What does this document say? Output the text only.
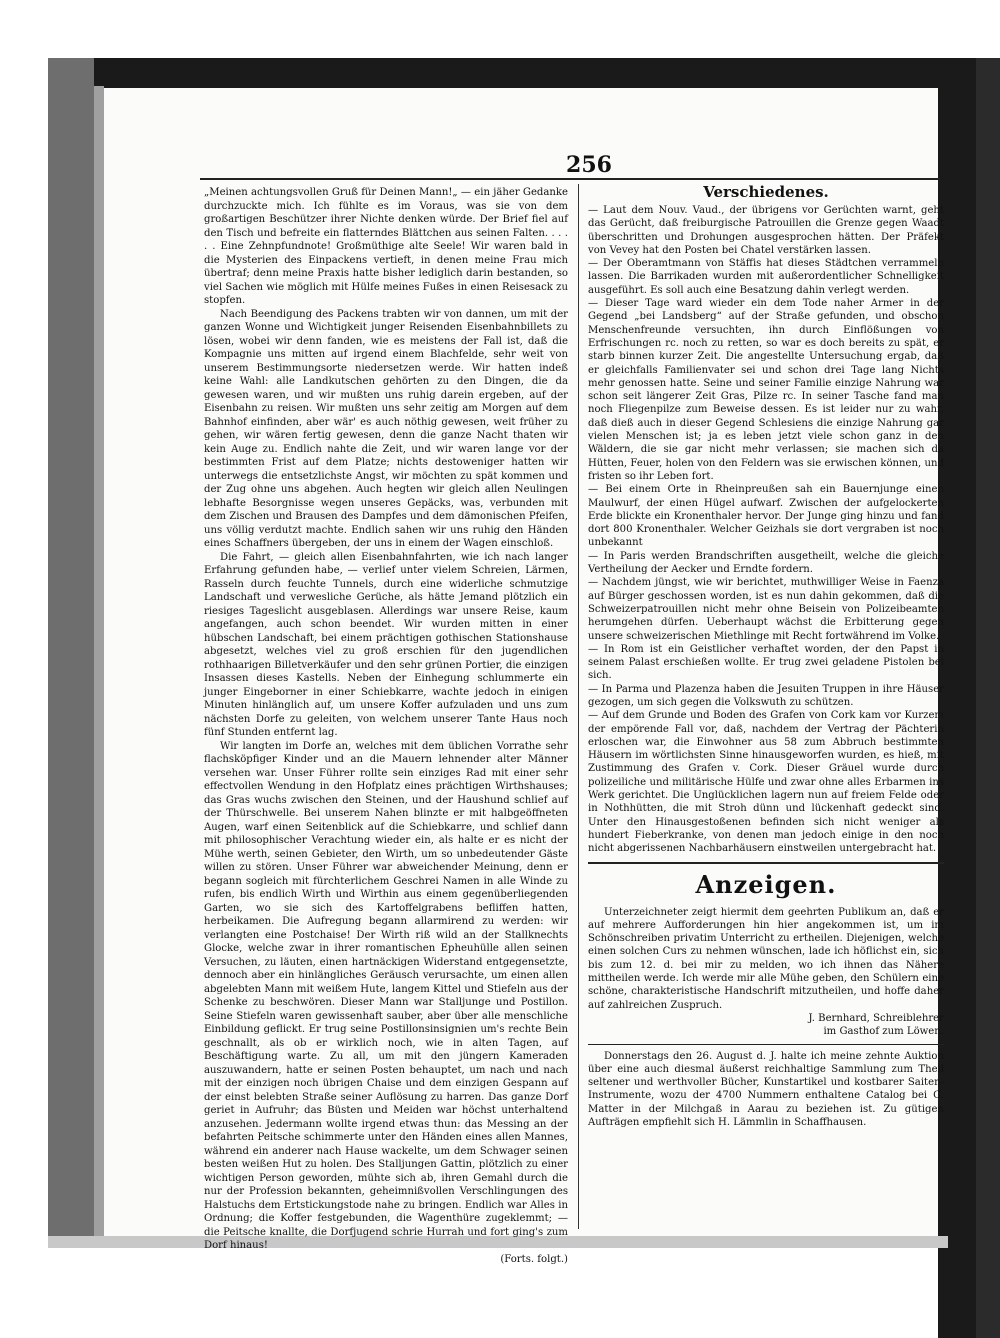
256

„Meinen achtungsvollen Gruß für Deinen Mann!„ — ein jäher Gedanke durchzuckte mich. Ich fühlte es im Voraus, was sie von dem großartigen Beschützer ihrer Nichte denken würde. Der Brief fiel auf den Tisch und befreite ein flatterndes Blättchen aus seinen Falten. . . . . . Eine Zehnpfundnote! Großmüthige alte Seele! Wir waren bald in die Mysterien des Einpackens vertieft, in denen meine Frau mich übertraf; denn meine Praxis hatte bisher lediglich darin bestanden, so viel Sachen wie möglich mit Hülfe meines Fußes in einen Reisesack zu stopfen.

Nach Beendigung des Packens trabten wir von dannen, um mit der ganzen Wonne und Wichtigkeit junger Reisenden Eisenbahnbillets zu lösen, wobei wir denn fanden, wie es meistens der Fall ist, daß die Kompagnie uns mitten auf irgend einem Blachfelde, sehr weit von unserem Bestimmungsorte niedersetzen werde. Wir hatten indeß keine Wahl: alle Landkutschen gehörten zu den Dingen, die da gewesen waren, und wir mußten uns ruhig darein ergeben, auf der Eisenbahn zu reisen. Wir mußten uns sehr zeitig am Morgen auf dem Bahnhof einfinden, aber wär' es auch nöthig gewesen, weit früher zu gehen, wir wären fertig gewesen, denn die ganze Nacht thaten wir kein Auge zu. Endlich nahte die Zeit, und wir waren lange vor der bestimmten Frist auf dem Platze; nichts destoweniger hatten wir unterwegs die entsetzlichste Angst, wir möchten zu spät kommen und der Zug ohne uns abgehen. Auch hegten wir gleich allen Neulingen lebhafte Besorgnisse wegen unseres Gepäcks, was, verbunden mit dem Zischen und Brausen des Dampfes und dem dämonischen Pfeifen, uns völlig verdutzt machte. Endlich sahen wir uns ruhig den Händen eines Schaffners übergeben, der uns in einem der Wagen einschloß.

Die Fahrt, — gleich allen Eisenbahnfahrten, wie ich nach langer Erfahrung gefunden habe, — verlief unter vielem Schreien, Lärmen, Rasseln durch feuchte Tunnels, durch eine widerliche schmutzige Landschaft und verwesliche Gerüche, als hätte Jemand plötzlich ein riesiges Tageslicht ausgeblasen. Allerdings war unsere Reise, kaum angefangen, auch schon beendet. Wir wurden mitten in einer hübschen Landschaft, bei einem prächtigen gothischen Stationshause abgesetzt, welches viel zu groß erschien für den jugendlichen rothhaarigen Billetverkäufer und den sehr grünen Portier, die einzigen Insassen dieses Kastells. Neben der Einhegung schlummerte ein junger Eingeborner in einer Schiebkarre, wachte jedoch in einigen Minuten hinlänglich auf, um unsere Koffer aufzuladen und uns zum nächsten Dorfe zu geleiten, von welchem unserer Tante Haus noch fünf Stunden entfernt lag.

Wir langten im Dorfe an, welches mit dem üblichen Vorrathe sehr flachsköpfiger Kinder und an die Mauern lehnender alter Männer versehen war. Unser Führer rollte sein einziges Rad mit einer sehr effectvollen Wendung in den Hofplatz eines prächtigen Wirthshauses; das Gras wuchs zwischen den Steinen, und der Haushund schlief auf der Thürschwelle. Bei unserem Nahen blinzte er mit halbgeöffneten Augen, warf einen Seitenblick auf die Schiebkarre, und schlief dann mit philosophischer Verachtung wieder ein, als halte er es nicht der Mühe werth, seinen Gebieter, den Wirth, um so unbedeutender Gäste willen zu stören. Unser Führer war abweichender Meinung, denn er begann sogleich mit fürchterlichem Geschrei Namen in alle Winde zu rufen, bis endlich Wirth und Wirthin aus einem gegenüberliegenden Garten, wo sie sich des Kartoffelgrabens befliffen hatten, herbeikamen. Die Aufregung begann allarmirend zu werden: wir verlangten eine Postchaise! Der Wirth riß wild an der Stallknechts Glocke, welche zwar in ihrer romantischen Epheuhülle allen seinen Versuchen, zu läuten, einen hartnäckigen Widerstand entgegensetzte, dennoch aber ein hinlängliches Geräusch verursachte, um einen allen abgelebten Mann mit weißem Hute, langem Kittel und Stiefeln aus der Schenke zu beschwören. Dieser Mann war Stalljunge und Postillon. Seine Stiefeln waren gewissenhaft sauber, aber über alle menschliche Einbildung geflickt. Er trug seine Postillonsinsignien um's rechte Bein geschnallt, als ob er wirklich noch, wie in alten Tagen, auf Beschäftigung warte. Zu all, um mit den jüngern Kameraden auszuwandern, hatte er seinen Posten behauptet, um nach und nach mit der einzigen noch übrigen Chaise und dem einzigen Gespann auf der einst belebten Straße seiner Auflösung zu harren. Das ganze Dorf geriet in Aufruhr; das Büsten und Meiden war höchst unterhaltend anzusehen. Jedermann wollte irgend etwas thun: das Messing an der befahrten Peitsche schimmerte unter den Händen eines allen Mannes, während ein anderer nach Hause wackelte, um dem Schwager seinen besten weißen Hut zu holen. Des Stalljungen Gattin, plötzlich zu einer wichtigen Person geworden, mühte sich ab, ihren Gemahl durch die nur der Profession bekannten, geheimnißvollen Verschlingungen des Halstuchs dem Ertstickungstode nahe zu bringen. Endlich war Alles in Ordnung; die Koffer festgebunden, die Wagenthüre zugeklemmt; — die Peitsche knallte, die Dorfjugend schrie Hurrah und fort ging's zum Dorf hinaus!

(Forts. folgt.)

Verschiedenes.

— Laut dem Nouv. Vaud., der übrigens vor Gerüchten warnt, geht das Gerücht, daß freiburgische Patrouillen die Grenze gegen Waadt überschritten und Drohungen ausgesprochen hätten. Der Präfekt von Vevey hat den Posten bei Chatel verstärken lassen.

— Der Oberamtmann von Stäffis hat dieses Städtchen verrammeln lassen. Die Barrikaden wurden mit außerordentlicher Schnelligkeit ausgeführt. Es soll auch eine Besatzung dahin verlegt werden.

— Dieser Tage ward wieder ein dem Tode naher Armer in der Gegend „bei Landsberg“ auf der Straße gefunden, und obschon Menschenfreunde versuchten, ihn durch Einflößungen von Erfrischungen rc. noch zu retten, so war es doch bereits zu spät, er starb binnen kurzer Zeit. Die angestellte Untersuchung ergab, daß er gleichfalls Familienvater sei und schon drei Tage lang Nichts mehr genossen hatte. Seine und seiner Familie einzige Nahrung war schon seit längerer Zeit Gras, Pilze rc. In seiner Tasche fand man noch Fliegenpilze zum Beweise dessen. Es ist leider nur zu wahr, daß dieß auch in dieser Gegend Schlesiens die einzige Nahrung gar vielen Menschen ist; ja es leben jetzt viele schon ganz in den Wäldern, die sie gar nicht mehr verlassen; sie machen sich da Hütten, Feuer, holen von den Feldern was sie erwischen können, und fristen so ihr Leben fort.

— Bei einem Orte in Rheinpreußen sah ein Bauernjunge einen Maulwurf, der einen Hügel aufwarf. Zwischen der aufgelockerten Erde blickte ein Kronenthaler hervor. Der Junge ging hinzu und fand dort 800 Kronenthaler. Welcher Geizhals sie dort vergraben ist noch unbekannt

— In Paris werden Brandschriften ausgetheilt, welche die gleiche Vertheilung der Aecker und Erndte fordern.

— Nachdem jüngst, wie wir berichtet, muthwilliger Weise in Faenza auf Bürger geschossen worden, ist es nun dahin gekommen, daß die Schweizerpatrouillen nicht mehr ohne Beisein von Polizeibeamten herumgehen dürfen. Ueberhaupt wächst die Erbitterung gegen unsere schweizerischen Miethlinge mit Recht fortwährend im Volke.

— In Rom ist ein Geistlicher verhaftet worden, der den Papst in seinem Palast erschießen wollte. Er trug zwei geladene Pistolen bei sich.

— In Parma und Plazenza haben die Jesuiten Truppen in ihre Häuser gezogen, um sich gegen die Volkswuth zu schützen.

— Auf dem Grunde und Boden des Grafen von Cork kam vor Kurzem der empörende Fall vor, daß, nachdem der Vertrag der Pächterin erloschen war, die Einwohner aus 58 zum Abbruch bestimmten Häusern im wörtlichsten Sinne hinausgeworfen wurden, es hieß, mit Zustimmung des Grafen v. Cork. Dieser Gräuel wurde durch polizeiliche und militärische Hülfe und zwar ohne alles Erbarmen ins Werk gerichtet. Die Unglücklichen lagern nun auf freiem Felde oder in Nothhütten, die mit Stroh dünn und lückenhaft gedeckt sind. Unter den Hinausgestoßenen befinden sich nicht weniger als hundert Fieberkranke, von denen man jedoch einige in den noch nicht abgerissenen Nachbarhäusern einstweilen untergebracht hat.

Anzeigen.

Unterzeichneter zeigt hiermit dem geehrten Publikum an, daß er auf mehrere Aufforderungen hin hier angekommen ist, um im Schönschreiben privatim Unterricht zu ertheilen. Diejenigen, welche einen solchen Curs zu nehmen wünschen, lade ich höflichst ein, sich bis zum 12. d. bei mir zu melden, wo ich ihnen das Nähere mittheilen werde. Ich werde mir alle Mühe geben, den Schülern eine schöne, charakteristische Handschrift mitzutheilen, und hoffe daher auf zahlreichen Zuspruch.

J. Bernhard, Schreiblehrer

im Gasthof zum Löwen.

Donnerstags den 26. August d. J. halte ich meine zehnte Auktion über eine auch diesmal äußerst reichhaltige Sammlung zum Theil seltener und werthvoller Bücher, Kunstartikel und kostbarer Saiten-Instrumente, wozu der 4700 Nummern enthaltene Catalog bei G. Matter in der Milchgaß in Aarau zu beziehen ist. Zu gütigen Aufträgen empfiehlt sich H. Lämmlin in Schaffhausen.
